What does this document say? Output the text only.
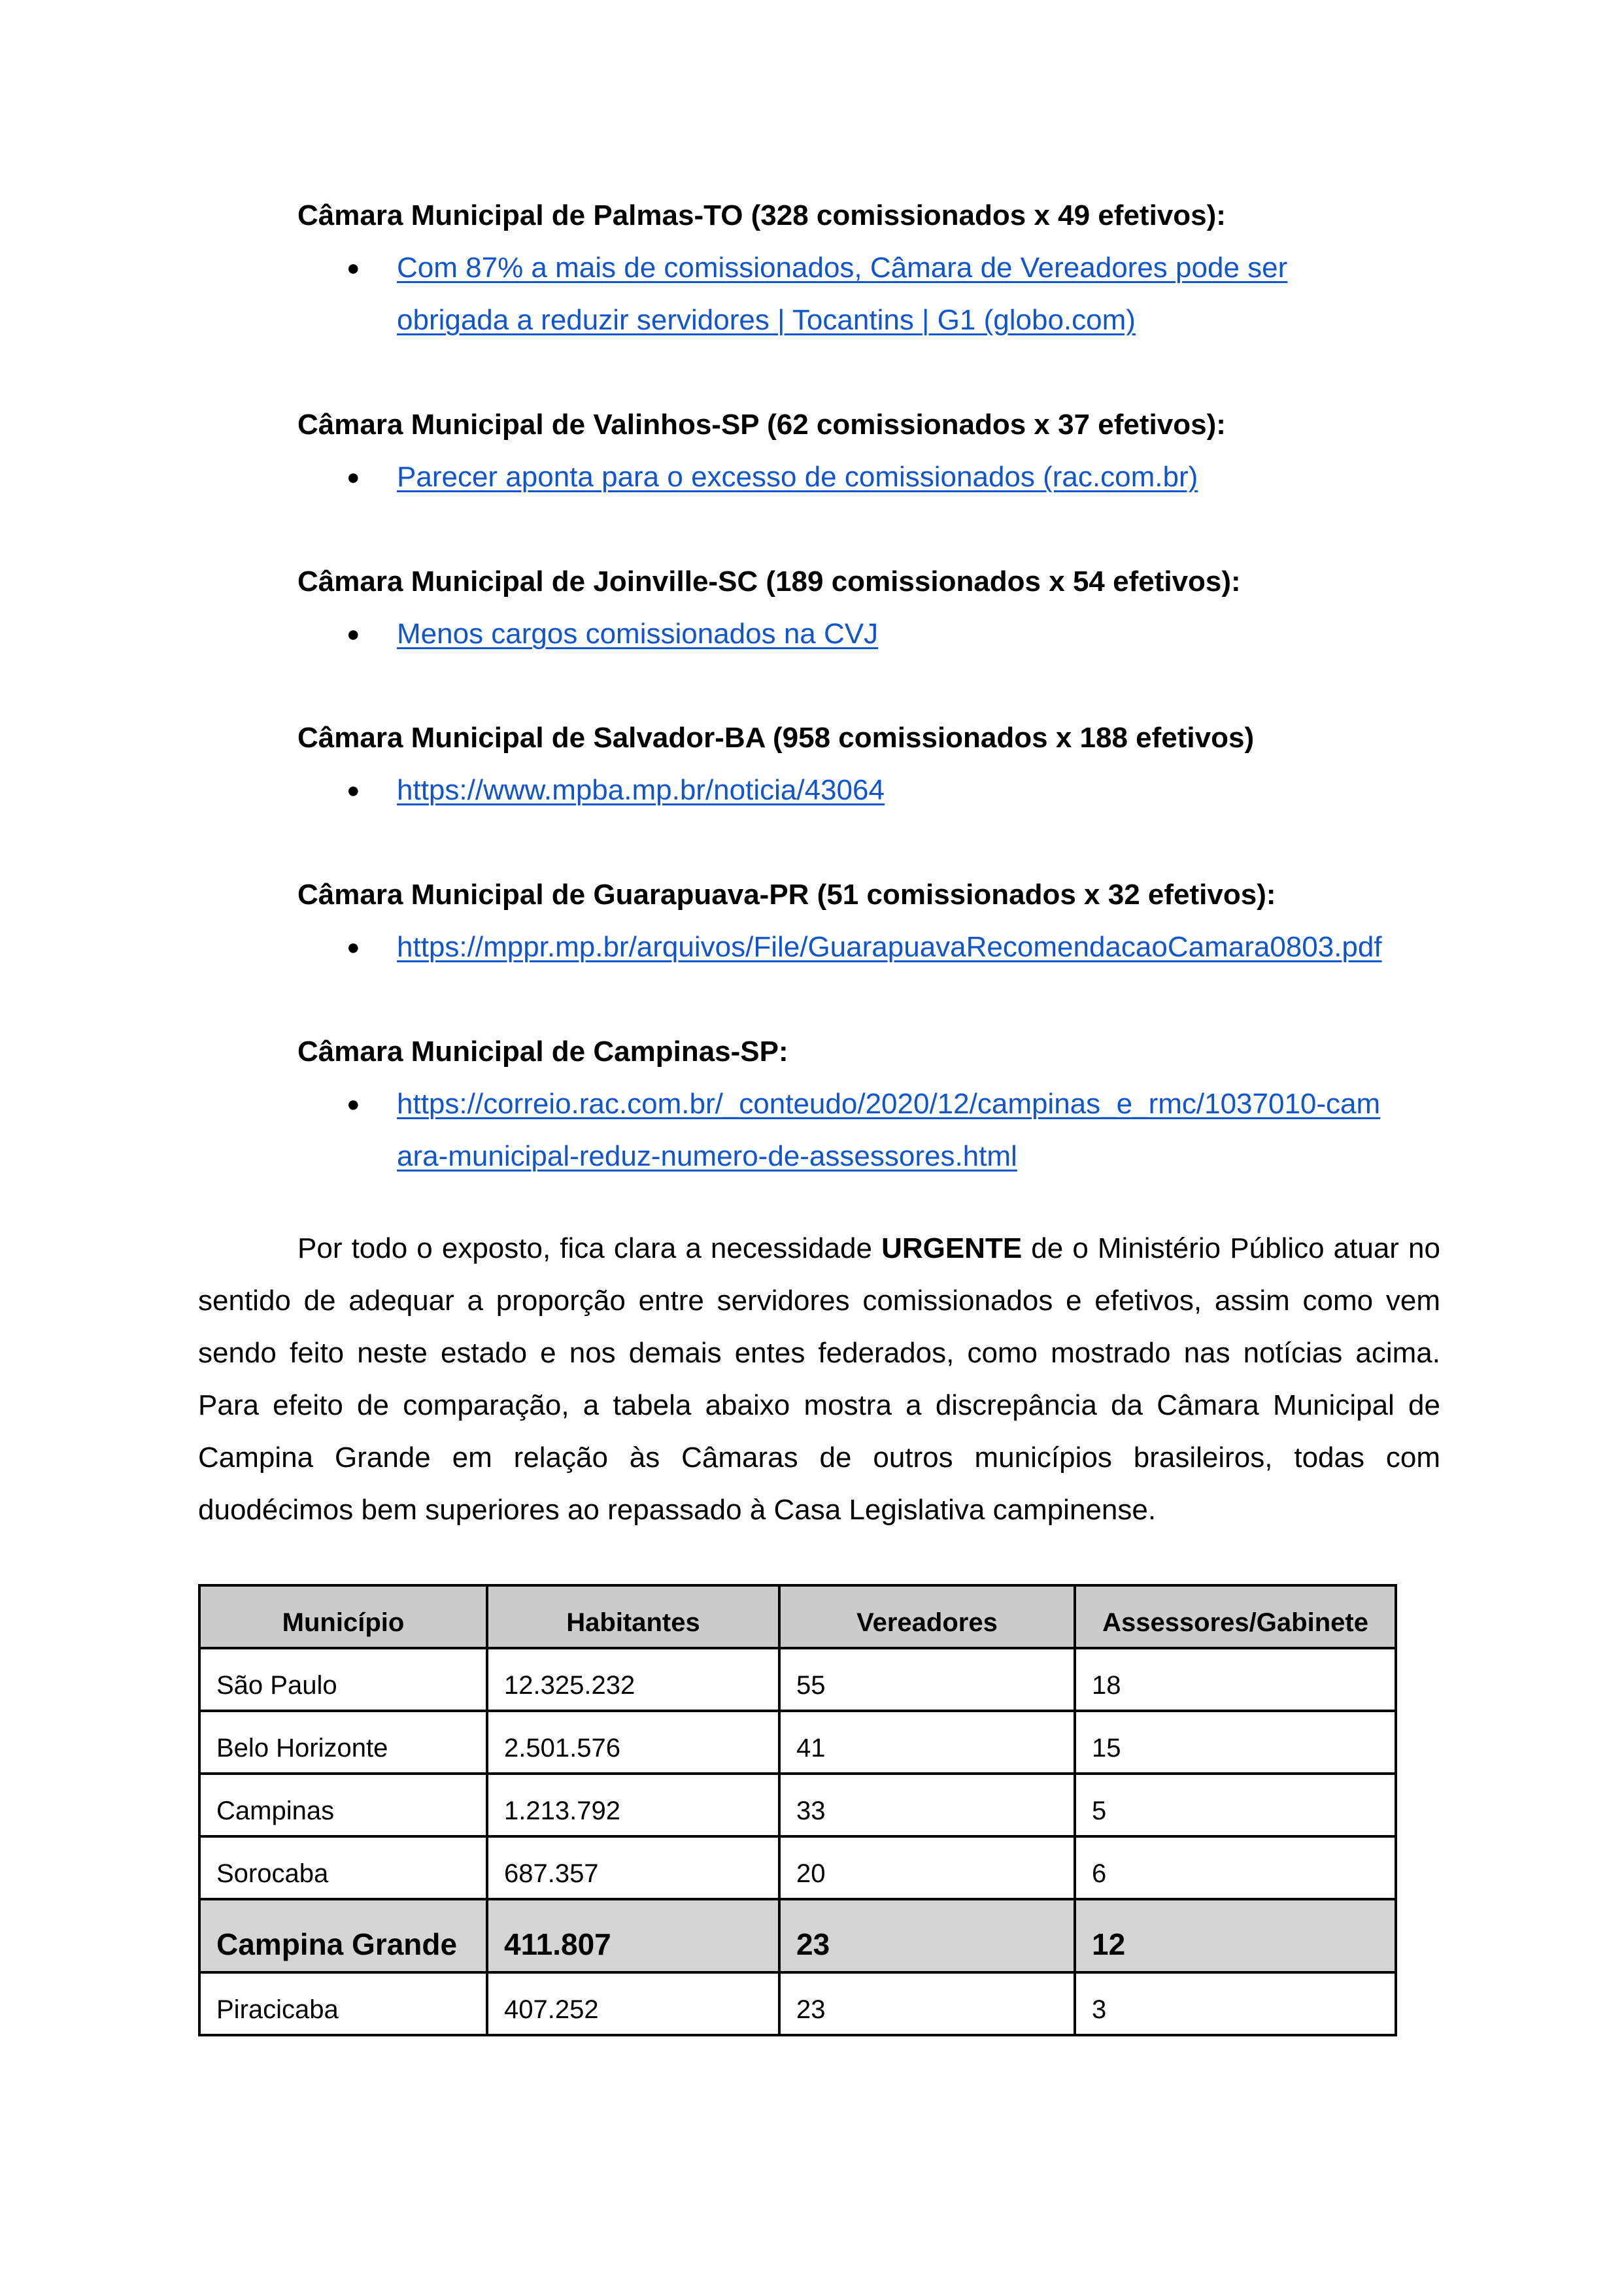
Câmara Municipal de Palmas-TO (328 comissionados x 49 efetivos):

● Com 87% a mais de comissionados, Câmara de Vereadores pode ser
obrigada a reduzir servidores | Tocantins | G1 (globo.com)

Câmara Municipal de Valinhos-SP (62 comissionados x 37 efetivos):

● Parecer aponta para o excesso de comissionados (rac.com.br)

Câmara Municipal de Joinville-SC (189 comissionados x 54 efetivos):

● Menos cargos comissionados na CVJ

Câmara Municipal de Salvador-BA (958 comissionados x 188 efetivos)

● https://www.mpba.mp.br/noticia/43064

Câmara Municipal de Guarapuava-PR (51 comissionados x 32 efetivos):

● https://mppr.mp.br/arquivos/File/GuarapuavaRecomendacaoCamara0803.pdf

Câmara Municipal de Campinas-SP:

● https://correio.rac.com.br/_conteudo/2020/12/campinas_e_rmc/1037010-cam
ara-municipal-reduz-numero-de-assessores.html

Por todo o exposto, fica clara a necessidade URGENTE de o Ministério Público atuar no sentido de adequar a proporção entre servidores comissionados e efetivos, assim como vem sendo feito neste estado e nos demais entes federados, como mostrado nas notícias acima. Para efeito de comparação, a tabela abaixo mostra a discrepância da Câmara Municipal de Campina Grande em relação às Câmaras de outros municípios brasileiros, todas com duodécimos bem superiores ao repassado à Casa Legislativa campinense.

Município	Habitantes	Vereadores	Assessores/Gabinete
São Paulo	12.325.232	55	18
Belo Horizonte	2.501.576	41	15
Campinas	1.213.792	33	5
Sorocaba	687.357	20	6
Campina Grande	411.807	23	12
Piracicaba	407.252	23	3
